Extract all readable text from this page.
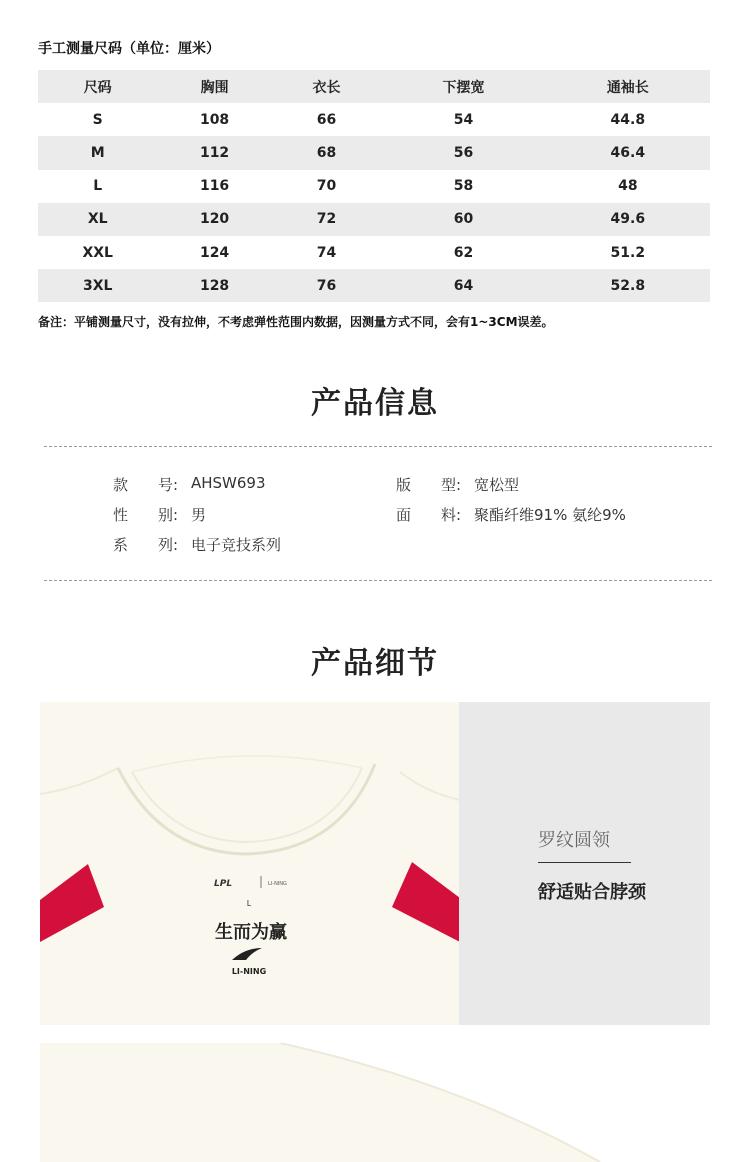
手工测量尺码（单位：厘米）
尺码	胸围	衣长	下摆宽	通袖长
S	108	66	54	44.8
M	112	68	56	46.4
L	116	70	58	48
XL	120	72	60	49.6
XXL	124	74	62	51.2
3XL	128	76	64	52.8
备注：平铺测量尺寸，没有拉伸，不考虑弹性范围内数据，因测量方式不同，会有1~3CM误差。
产品信息
款　　号: AHSW693
性　　别: 男
系　　列: 电子竞技系列
版　　型: 宽松型
面　　料: 聚酯纤维91% 氨纶9%
产品细节
LPL	LI-NING
L
生而为赢
LI-NING
罗纹圆领
舒适贴合脖颈
